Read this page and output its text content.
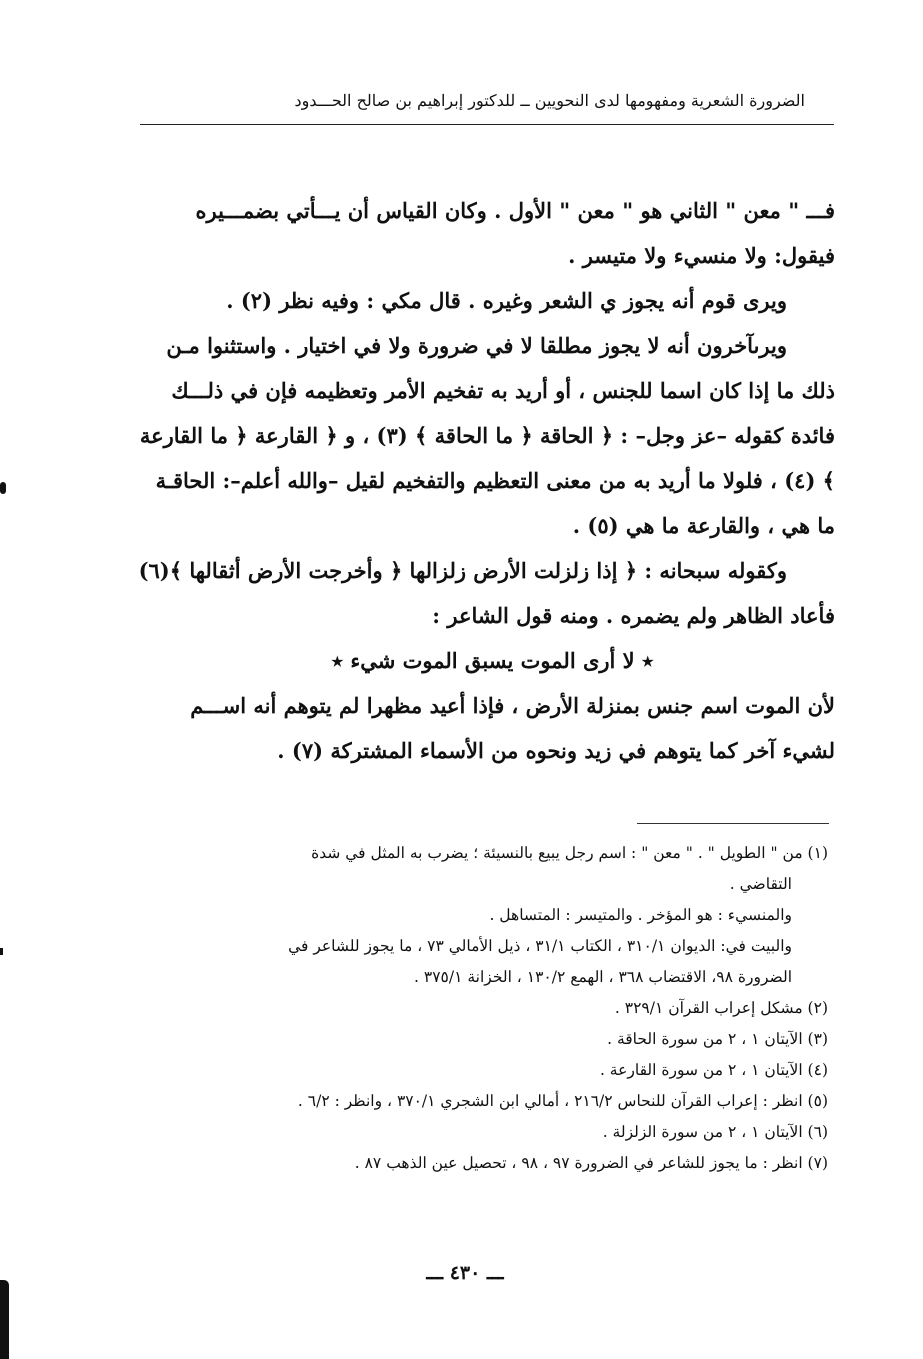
الضرورة الشعرية ومفهومها لدى النحويين ــ للدكتور إبراهيم بن صالح الحـــدود
فـــ " معن " الثاني هو " معن " الأول . وكان القياس أن يـــأتي بضمـــيره
فيقول: ولا منسيء ولا متيسر .
ويرى قوم أنه يجوز ي الشعر وغيره . قال مكي : وفيه نظر (٢) .
ويرىآخرون أنه لا يجوز مطلقا لا في ضرورة ولا في اختيار . واستثنوا مـن
ذلك ما إذا كان اسما للجنس ، أو أريد به تفخيم الأمر وتعظيمه فإن في ذلـــك
فائدة كقوله –عز وجل– : ﴿ الحاقة ﴿ ما الحاقة ﴾ (٣) ، و ﴿ القارعة ﴿ ما القارعة
﴾ (٤) ، فلولا ما أريد به من معنى التعظيم والتفخيم لقيل –والله أعلم–: الحاقـة
ما هي ، والقارعة ما هي (٥) .
وكقوله سبحانه : ﴿ إذا زلزلت الأرض زلزالها ﴿ وأخرجت الأرض أثقالها ﴾(٦)
فأعاد الظاهر ولم يضمره . ومنه قول الشاعر :
٭ لا أرى الموت يسبق الموت شيء ٭
لأن الموت اسم جنس بمنزلة الأرض ، فإذا أعيد مظهرا لم يتوهم أنه اســـم
لشيء آخر كما يتوهم في زيد ونحوه من الأسماء المشتركة (٧) .
(١) من " الطويل " . " معن " : اسم رجل يبيع بالنسيئة ؛ يضرب به المثل في شدة
التقاضي .
والمنسيء : هو المؤخر . والمتيسر : المتساهل .
والبيت في: الديوان ٣١٠/١ ، الكتاب ٣١/١ ، ذيل الأمالي ٧٣ ، ما يجوز للشاعر في
الضرورة ٩٨، الاقتضاب ٣٦٨ ، الهمع ١٣٠/٢ ، الخزانة ٣٧٥/١ .
(٢) مشكل إعراب القرآن ٣٢٩/١ .
(٣) الآيتان ١ ، ٢ من سورة الحاقة .
(٤) الآيتان ١ ، ٢ من سورة القارعة .
(٥) انظر : إعراب القرآن للنحاس ٢١٦/٢ ، أمالي ابن الشجري ٣٧٠/١ ، وانظر : ٦/٢ .
(٦) الآيتان ١ ، ٢ من سورة الزلزلة .
(٧) انظر : ما يجوز للشاعر في الضرورة ٩٧ ، ٩٨ ، تحصيل عين الذهب ٨٧ .
ـــ ٤٣٠ ـــ
